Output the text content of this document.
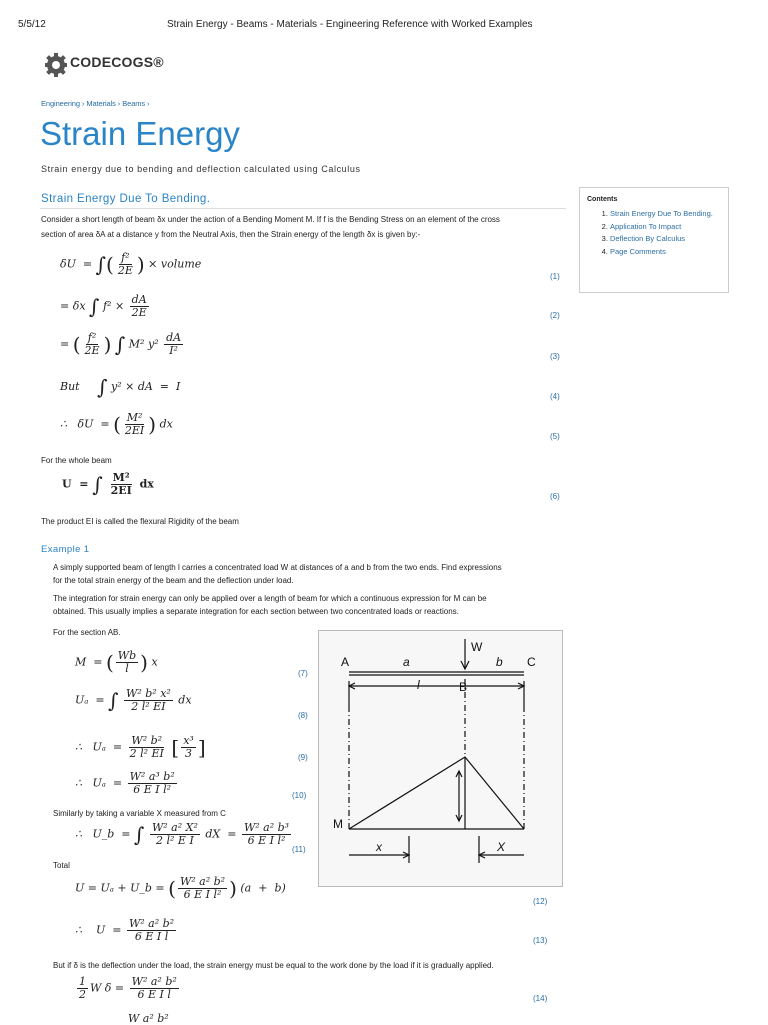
5/5/12	Strain Energy - Beams - Materials - Engineering Reference with Worked Examples
CODECOGS®
Engineering › Materials › Beams ›
Strain Energy
Strain energy due to bending and deflection calculated using Calculus
Strain Energy Due To Bending.
Consider a short length of beam δx under the action of a Bending Moment M. If f is the Bending Stress on an element of the cross
section of area δA at a distance y from the Neutral Axis, then the Strain energy of the length δx is given by:-
δU  = ∫( $\frac{\text{f²}}{2E}$ ) × volume
(1)
= δx ∫ $f^2 \times \frac{dA}{2E}$	(2)
= ( $\frac{\text{f²}}{2E}$ ) ∫ M² $y^2 \frac{dA}{\text{I²}}$	(3)
But     ∫ y² × dA  =  I
(4)
∴   δU  = ( $\frac{\text{M²}}{2EI}$ ) dx
(5)
For the whole beam
U  = ∫ $\frac{\text{M²}}{2EI}$ dx
(6)
The product EI is called the flexural Rigidity of the beam
Contents
1. Strain Energy Due To Bending.
2. Application To Impact
3. Deflection By Calculus
4. Page Comments
Example 1
A simply supported beam of length l carries a concentrated load W at distances of a and b from the two ends. Find expressions
for the total strain energy of the beam and the deflection under load.
The integration for strain energy can only be applied over a length of beam for which a continuous expression for M can be
obtained. This usually implies a separate integration for each section between two concentrated loads or reactions.
For the section AB.
M  = ( $\frac{Wb}{l}$ ) x
(7)
Uₐ  = ∫ $\frac{\text{W² b² x²}}{\text{2 l² EI}}$ dx
(8)
∴   $U_a = \frac{\text{W² b²}}{\text{2 l² EI}}$ [ $\frac{\text{x³}}{3}$ ]	(9)
∴   $U_a = \frac{\text{W² a³ b²}}{\text{6 E I l²}}$	(10)
Similarly by taking a variable X measured from C
∴   U_b  = ∫ $\frac{\text{W² a² X²}}{\text{2 l² E I}}$ dX  = $\frac{\text{W² a² b³}}{\text{6 E I l²}}$
(11)
Total
U = Uₐ + U_b = ( $\frac{\text{W² a² b²}}{\text{6 E I l²}}$ ) (a  +  b)
(12)
∴    $U = \frac{\text{W² a² b²}}{\text{6 E I l}}$	(13)
But if δ is the deflection under the load, the strain energy must be equal to the work done by the load if it is gradually applied.
$\frac{1}{2}$ W $\delta = \frac{\text{W² a² b²}}{\text{6 E I l}}$	(14)
W a² b²
A
B
C
W
a	b
l
M
x	X
